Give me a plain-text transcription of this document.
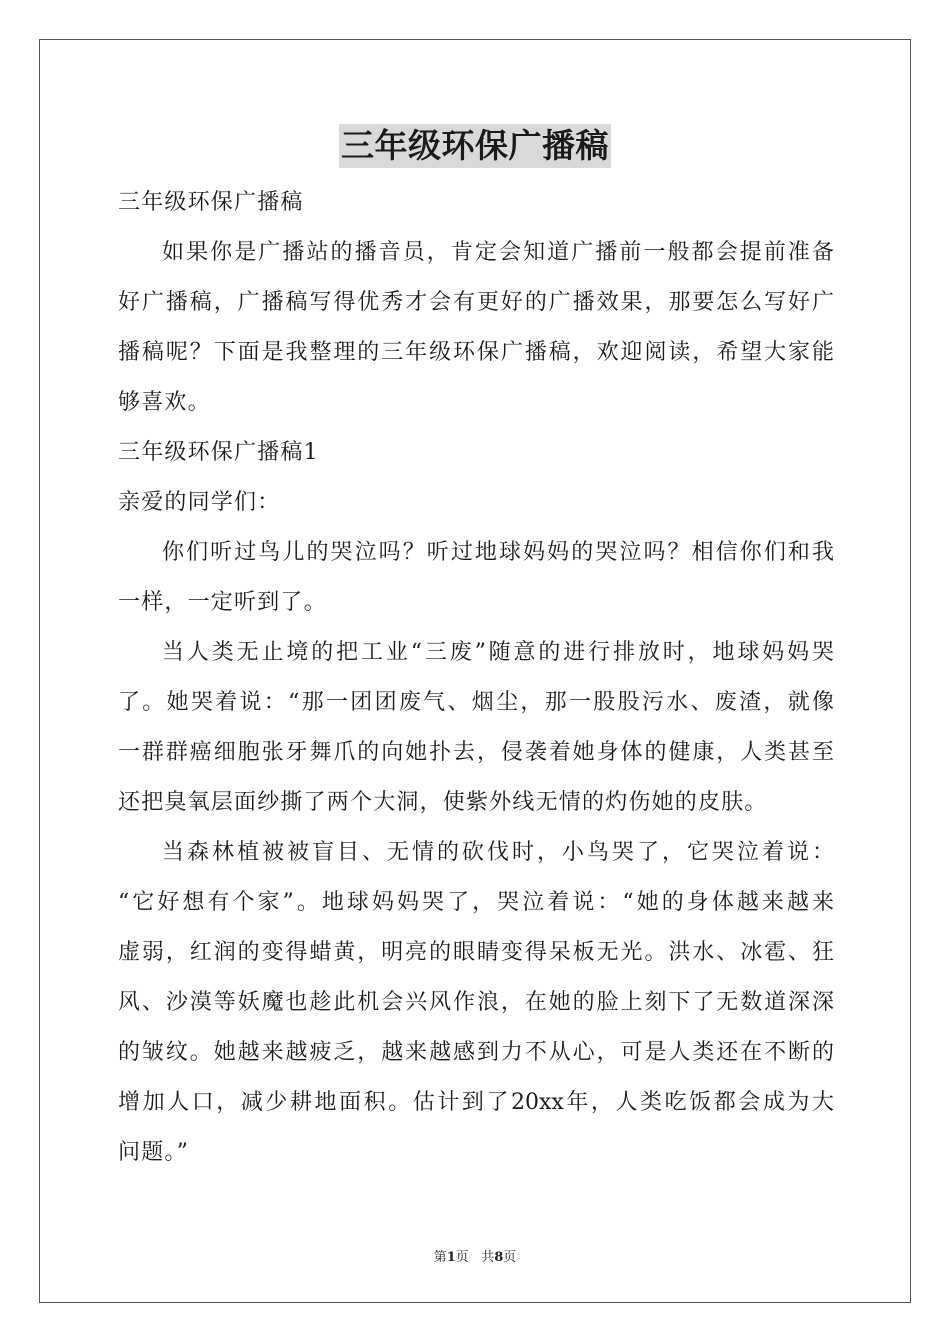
三年级环保广播稿

三年级环保广播稿

如果你是广播站的播音员，肯定会知道广播前一般都会提前准备

好广播稿，广播稿写得优秀才会有更好的广播效果，那要怎么写好广

播稿呢？下面是我整理的三年级环保广播稿，欢迎阅读，希望大家能

够喜欢。

三年级环保广播稿1

亲爱的同学们：

你们听过鸟儿的哭泣吗？听过地球妈妈的哭泣吗？相信你们和我

一样，一定听到了。

当人类无止境的把工业“三废”随意的进行排放时，地球妈妈哭

了。她哭着说：“那一团团废气、烟尘，那一股股污水、废渣，就像

一群群癌细胞张牙舞爪的向她扑去，侵袭着她身体的健康，人类甚至

还把臭氧层面纱撕了两个大洞，使紫外线无情的灼伤她的皮肤。

当森林植被被盲目、无情的砍伐时，小鸟哭了，它哭泣着说：

“它好想有个家”。地球妈妈哭了，哭泣着说：“她的身体越来越来

虚弱，红润的变得蜡黄，明亮的眼睛变得呆板无光。洪水、冰雹、狂

风、沙漠等妖魔也趁此机会兴风作浪，在她的脸上刻下了无数道深深

的皱纹。她越来越疲乏，越来越感到力不从心，可是人类还在不断的

增加人口，减少耕地面积。估计到了20xx年，人类吃饭都会成为大

问题。”

第1页 共8页
